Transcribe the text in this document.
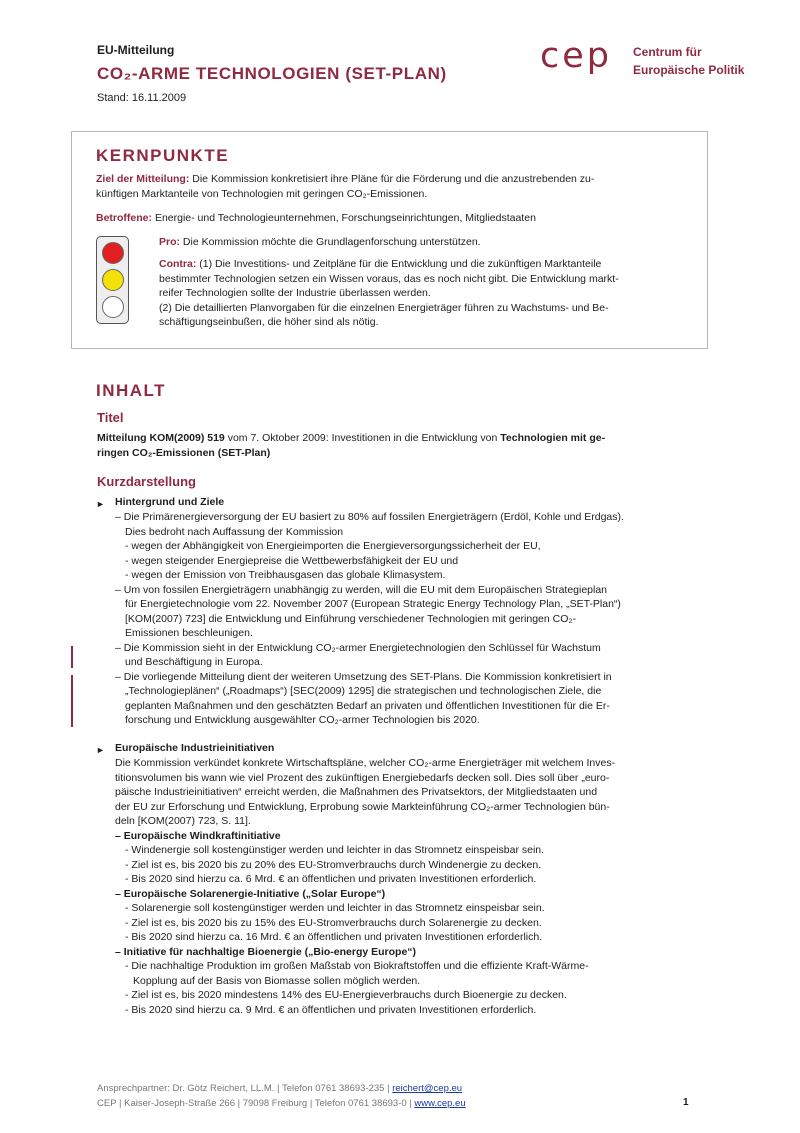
EU-Mitteilung
CO₂-ARME TECHNOLOGIEN (SET-PLAN)
Stand: 16.11.2009
cep Centrum für
Europäische Politik
KERNPUNKTE
Ziel der Mitteilung: Die Kommission konkretisiert ihre Pläne für die Förderung und die anzustrebenden zu-
künftigen Marktanteile von Technologien mit geringen CO₂-Emissionen.
Betroffene: Energie- und Technologieunternehmen, Forschungseinrichtungen, Mitgliedstaaten
Pro: Die Kommission möchte die Grundlagenforschung unterstützen.
Contra: (1) Die Investitions- und Zeitpläne für die Entwicklung und die zukünftigen Marktanteile
bestimmter Technologien setzen ein Wissen voraus, das es noch nicht gibt. Die Entwicklung markt-
reifer Technologien sollte der Industrie überlassen werden.
(2) Die detaillierten Planvorgaben für die einzelnen Energieträger führen zu Wachstums- und Be-
schäftigungseinbußen, die höher sind als nötig.
INHALT
Titel
Mitteilung KOM(2009) 519 vom 7. Oktober 2009: Investitionen in die Entwicklung von Technologien mit ge-
ringen CO₂-Emissionen (SET-Plan)
Kurzdarstellung
► Hintergrund und Ziele
– Die Primärenergieversorgung der EU basiert zu 80% auf fossilen Energieträgern (Erdöl, Kohle und Erdgas).
Dies bedroht nach Auffassung der Kommission
- wegen der Abhängigkeit von Energieimporten die Energieversorgungssicherheit der EU,
- wegen steigender Energiepreise die Wettbewerbsfähigkeit der EU und
- wegen der Emission von Treibhausgasen das globale Klimasystem.
– Um von fossilen Energieträgern unabhängig zu werden, will die EU mit dem Europäischen Strategieplan
für Energietechnologie vom 22. November 2007 (European Strategic Energy Technology Plan, „SET-Plan“)
[KOM(2007) 723] die Entwicklung und Einführung verschiedener Technologien mit geringen CO₂-
Emissionen beschleunigen.
– Die Kommission sieht in der Entwicklung CO₂-armer Energietechnologien den Schlüssel für Wachstum
und Beschäftigung in Europa.
– Die vorliegende Mitteilung dient der weiteren Umsetzung des SET-Plans. Die Kommission konkretisiert in
„Technologieplänen“ („Roadmaps“) [SEC(2009) 1295] die strategischen und technologischen Ziele, die
geplanten Maßnahmen und den geschätzten Bedarf an privaten und öffentlichen Investitionen für die Er-
forschung und Entwicklung ausgewählter CO₂-armer Technologien bis 2020.
► Europäische Industrieinitiativen
Die Kommission verkündet konkrete Wirtschaftspläne, welcher CO₂-arme Energieträger mit welchem Inves-
titionsvolumen bis wann wie viel Prozent des zukünftigen Energiebedarfs decken soll. Dies soll über „euro-
päische Industrieinitiativen“ erreicht werden, die Maßnahmen des Privatsektors, der Mitgliedstaaten und
der EU zur Erforschung und Entwicklung, Erprobung sowie Markteinführung CO₂-armer Technologien bün-
deln [KOM(2007) 723, S. 11].
– Europäische Windkraftinitiative
- Windenergie soll kostengünstiger werden und leichter in das Stromnetz einspeisbar sein.
- Ziel ist es, bis 2020 bis zu 20% des EU-Stromverbrauchs durch Windenergie zu decken.
- Bis 2020 sind hierzu ca. 6 Mrd. € an öffentlichen und privaten Investitionen erforderlich.
– Europäische Solarenergie-Initiative („Solar Europe“)
- Solarenergie soll kostengünstiger werden und leichter in das Stromnetz einspeisbar sein.
- Ziel ist es, bis 2020 bis zu 15% des EU-Stromverbrauchs durch Solarenergie zu decken.
- Bis 2020 sind hierzu ca. 16 Mrd. € an öffentlichen und privaten Investitionen erforderlich.
– Initiative für nachhaltige Bioenergie („Bio-energy Europe“)
- Die nachhaltige Produktion im großen Maßstab von Biokraftstoffen und die effiziente Kraft-Wärme-
Kopplung auf der Basis von Biomasse sollen möglich werden.
- Ziel ist es, bis 2020 mindestens 14% des EU-Energieverbrauchs durch Bioenergie zu decken.
- Bis 2020 sind hierzu ca. 9 Mrd. € an öffentlichen und privaten Investitionen erforderlich.
Ansprechpartner: Dr. Götz Reichert, LL.M. | Telefon 0761 38693-235 | reichert@cep.eu
CEP | Kaiser-Joseph-Straße 266 | 79098 Freiburg | Telefon 0761 38693-0 | www.cep.eu	1
